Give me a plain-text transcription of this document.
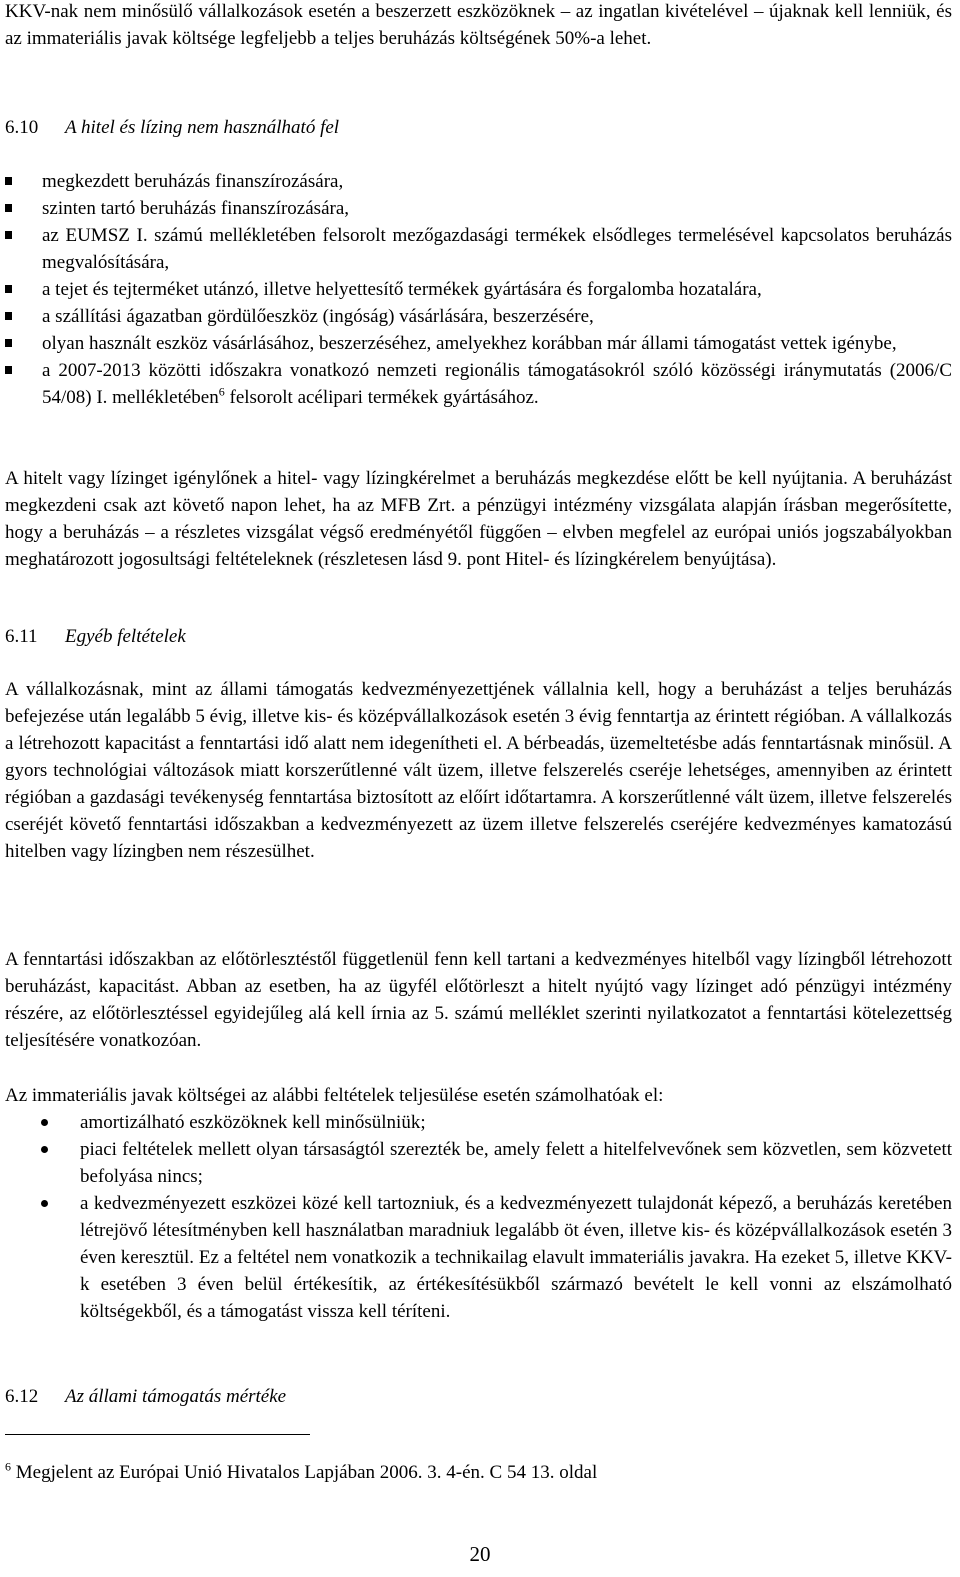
KKV-nak nem minősülő vállalkozások esetén a beszerzett eszközöknek – az ingatlan kivételével – újaknak kell lenniük, és az immateriális javak költsége legfeljebb a teljes beruházás költségének 50%-a lehet.

6.10 A hitel és lízing nem használható fel
megkezdett beruházás finanszírozására,
szinten tartó beruházás finanszírozására,
az EUMSZ I. számú mellékletében felsorolt mezőgazdasági termékek elsődleges termelésével kapcsolatos beruházás megvalósítására,
a tejet és tejterméket utánzó, illetve helyettesítő termékek gyártására és forgalomba hozatalára,
a szállítási ágazatban gördülőeszköz (ingóság) vásárlására, beszerzésére,
olyan használt eszköz vásárlásához, beszerzéséhez, amelyekhez korábban már állami támogatást vettek igénybe,
a 2007-2013 közötti időszakra vonatkozó nemzeti regionális támogatásokról szóló közösségi iránymutatás (2006/C 54/08) I. mellékletében$^6$ felsorolt acélipari termékek gyártásához.

A hitelt vagy lízinget igénylőnek a hitel- vagy lízingkérelmet a beruházás megkezdése előtt be kell nyújtania. A beruházást megkezdeni csak azt követő napon lehet, ha az MFB Zrt. a pénzügyi intézmény vizsgálata alapján írásban megerősítette, hogy a beruházás – a részletes vizsgálat végső eredményétől függően – elvben megfelel az európai uniós jogszabályokban meghatározott jogosultsági feltételeknek (részletesen lásd 9. pont Hitel- és lízingkérelem benyújtása).

6.11 Egyéb feltételek

A vállalkozásnak, mint az állami támogatás kedvezményezettjének vállalnia kell, hogy a beruházást a teljes beruházás befejezése után legalább 5 évig, illetve kis- és középvállalkozások esetén 3 évig fenntartja az érintett régióban. A vállalkozás a létrehozott kapacitást a fenntartási idő alatt nem idegenítheti el. A bérbeadás, üzemeltetésbe adás fenntartásnak minősül. A gyors technológiai változások miatt korszerűtlenné vált üzem, illetve felszerelés cseréje lehetséges, amennyiben az érintett régióban a gazdasági tevékenység fenntartása biztosított az előírt időtartamra. A korszerűtlenné vált üzem, illetve felszerelés cseréjét követő fenntartási időszakban a kedvezményezett az üzem illetve felszerelés cseréjére kedvezményes kamatozású hitelben vagy lízingben nem részesülhet.

A fenntartási időszakban az előtörlesztéstől függetlenül fenn kell tartani a kedvezményes hitelből vagy lízingből létrehozott beruházást, kapacitást. Abban az esetben, ha az ügyfél előtörleszt a hitelt nyújtó vagy lízinget adó pénzügyi intézmény részére, az előtörlesztéssel egyidejűleg alá kell írnia az 5. számú melléklet szerinti nyilatkozatot a fenntartási kötelezettség teljesítésére vonatkozóan.

Az immateriális javak költségei az alábbi feltételek teljesülése esetén számolhatóak el:

amortizálható eszközöknek kell minősülniük;
piaci feltételek mellett olyan társaságtól szerezték be, amely felett a hitelfelvevőnek sem közvetlen, sem közvetett befolyása nincs;
a kedvezményezett eszközei közé kell tartozniuk, és a kedvezményezett tulajdonát képező, a beruházás keretében létrejövő létesítményben kell használatban maradniuk legalább öt éven, illetve kis- és középvállalkozások esetén 3 éven keresztül. Ez a feltétel nem vonatkozik a technikailag elavult immateriális javakra. Ha ezeket 5, illetve KKV-k esetében 3 éven belül értékesítik, az értékesítésükből származó bevételt le kell vonni az elszámolható költségekből, és a támogatást vissza kell téríteni.
6.12 Az állami támogatás mértéke
$^6$ Megjelent az Európai Unió Hivatalos Lapjában 2006. 3. 4-én. C 54 13. oldal
20
